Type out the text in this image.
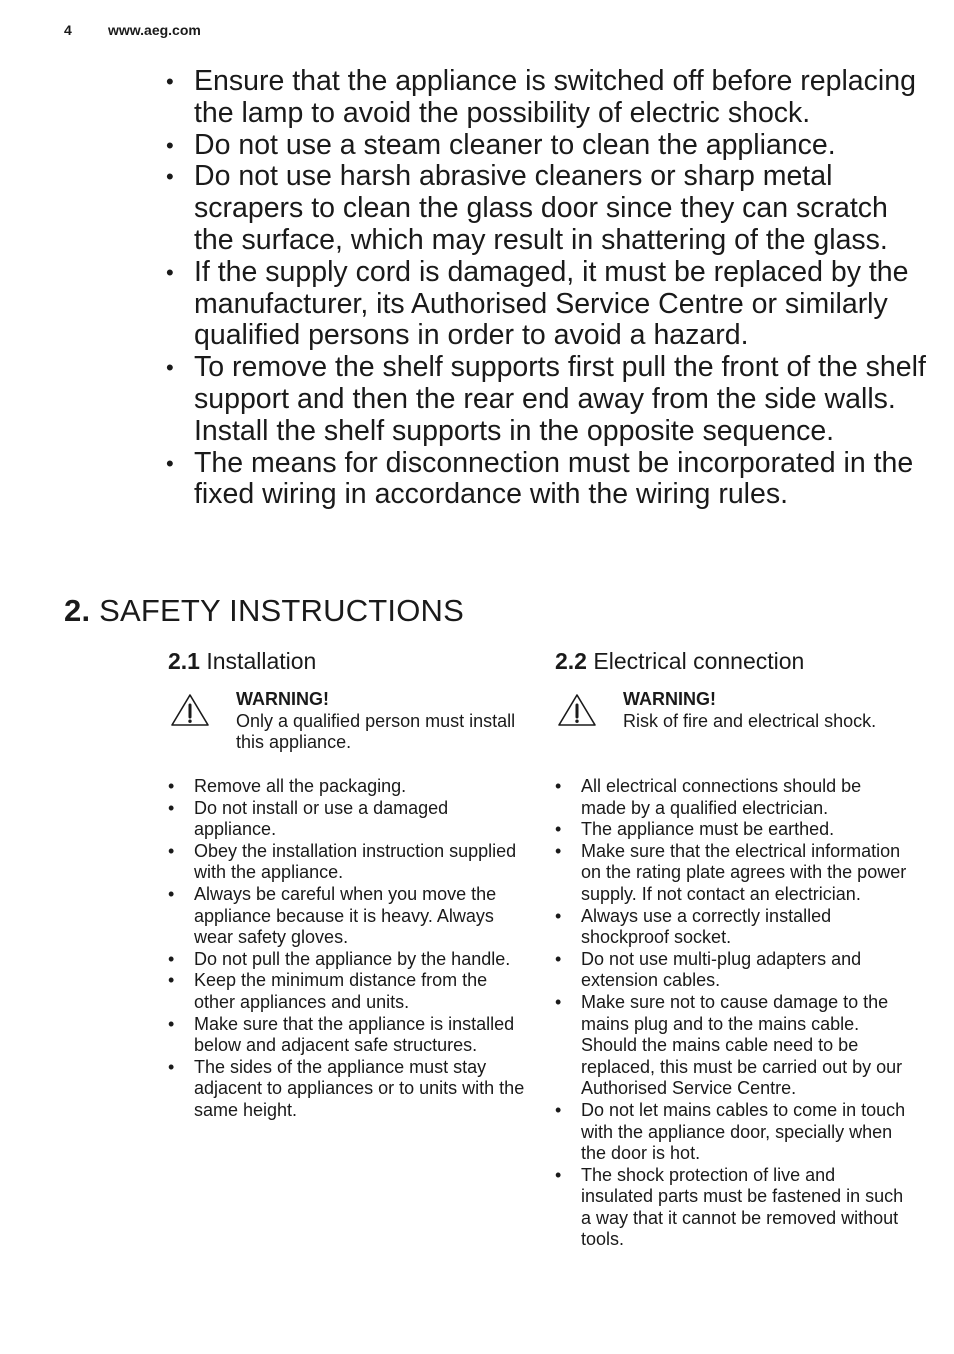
4	www.aeg.com
• Ensure that the appliance is switched off before replacing the lamp to avoid the possibility of electric shock.
• Do not use a steam cleaner to clean the appliance.
• Do not use harsh abrasive cleaners or sharp metal scrapers to clean the glass door since they can scratch the surface, which may result in shattering of the glass.
• If the supply cord is damaged, it must be replaced by the manufacturer, its Authorised Service Centre or similarly qualified persons in order to avoid a hazard.
• To remove the shelf supports first pull the front of the shelf support and then the rear end away from the side walls. Install the shelf supports in the opposite sequence.
• The means for disconnection must be incorporated in the fixed wiring in accordance with the wiring rules.
2. SAFETY INSTRUCTIONS
2.1 Installation
WARNING!
Only a qualified person must install this appliance.
• Remove all the packaging.
• Do not install or use a damaged appliance.
• Obey the installation instruction supplied with the appliance.
• Always be careful when you move the appliance because it is heavy. Always wear safety gloves.
• Do not pull the appliance by the handle.
• Keep the minimum distance from the other appliances and units.
• Make sure that the appliance is installed below and adjacent safe structures.
• The sides of the appliance must stay adjacent to appliances or to units with the same height.
2.2 Electrical connection
WARNING!
Risk of fire and electrical shock.
• All electrical connections should be made by a qualified electrician.
• The appliance must be earthed.
• Make sure that the electrical information on the rating plate agrees with the power supply. If not contact an electrician.
• Always use a correctly installed shockproof socket.
• Do not use multi-plug adapters and extension cables.
• Make sure not to cause damage to the mains plug and to the mains cable. Should the mains cable need to be replaced, this must be carried out by our Authorised Service Centre.
• Do not let mains cables to come in touch with the appliance door, specially when the door is hot.
• The shock protection of live and insulated parts must be fastened in such a way that it cannot be removed without tools.
